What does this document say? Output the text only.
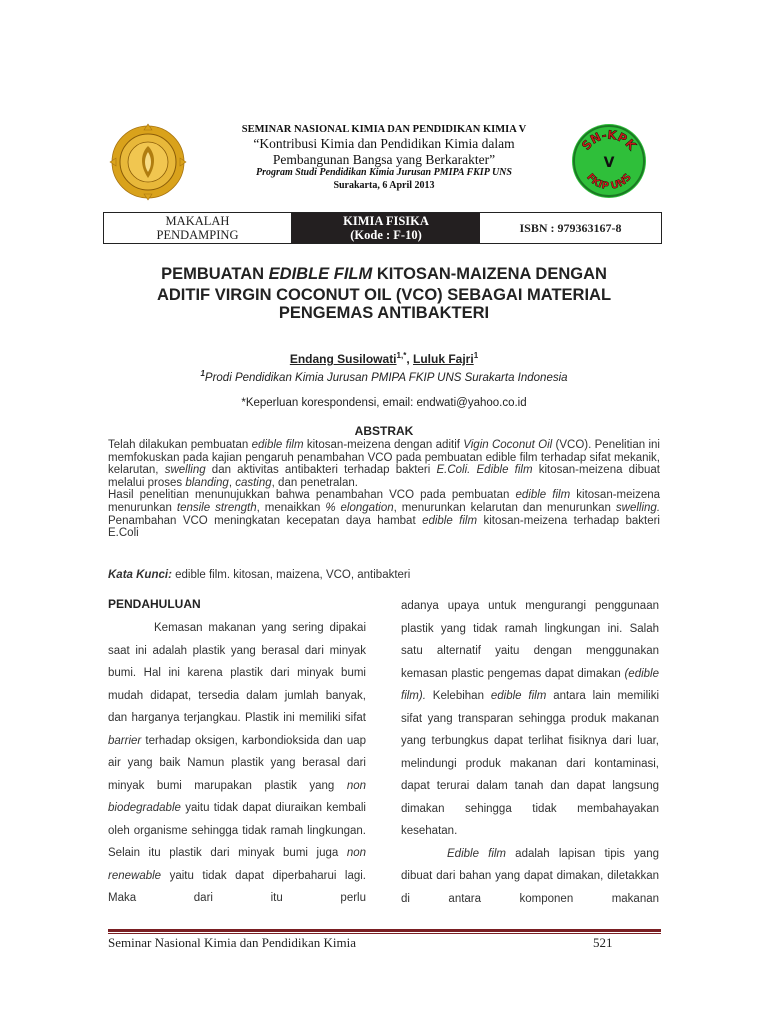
SN-KPK
V
FKIP UNS
SEMINAR NASIONAL KIMIA DAN PENDIDIKAN KIMIA V
“Kontribusi Kimia dan Pendidikan Kimia dalam
Pembangunan Bangsa yang Berkarakter”
Program Studi Pendidikan Kimia Jurusan PMIPA FKIP UNS
Surakarta, 6 April 2013
MAKALAH
PENDAMPING
KIMIA FISIKA
(Kode : F-10)	ISBN : 979363167-8
PEMBUATAN EDIBLE FILM KITOSAN-MAIZENA DENGAN
ADITIF VIRGIN COCONUT OIL (VCO) SEBAGAI MATERIAL
PENGEMAS ANTIBAKTERI
Endang Susilowati$^{1,*}$, Luluk Fajri$^1$
$^1$Prodi Pendidikan Kimia Jurusan PMIPA FKIP UNS Surakarta Indonesia
*Keperluan korespondensi, email: endwati@yahoo.co.id
ABSTRAK

Telah dilakukan pembuatan edible film kitosan-meizena dengan aditif Vigin Coconut Oil (VCO). Penelitian ini memfokuskan pada kajian pengaruh penambahan VCO pada pembuatan edible film terhadap sifat mekanik, kelarutan, swelling dan aktivitas antibakteri terhadap bakteri E.Coli. Edible film kitosan-meizena dibuat melalui proses blanding, casting, dan penetralan.

Hasil penelitian menunujukkan bahwa penambahan VCO pada pembuatan edible film kitosan-meizena menurunkan tensile strength, menaikkan % elongation, menurunkan kelarutan dan menurunkan swelling. Penambahan VCO meningkatan kecepatan daya hambat edible film kitosan-meizena terhadap bakteri E.Coli

Kata Kunci: edible film. kitosan, maizena, VCO, antibakteri
PENDAHULUAN

Kemasan makanan yang sering dipakai saat ini adalah plastik yang berasal dari minyak bumi. Hal ini karena plastik dari minyak bumi mudah didapat, tersedia dalam jumlah banyak, dan harganya terjangkau. Plastik ini memiliki sifat barrier terhadap oksigen, karbondioksida dan uap air yang baik Namun plastik yang berasal dari minyak bumi marupakan plastik yang non biodegradable yaitu tidak dapat diuraikan kembali oleh organisme sehingga tidak ramah lingkungan. Selain itu plastik dari minyak bumi juga non renewable yaitu tidak dapat diperbaharui lagi. Maka dari itu perlu

adanya upaya untuk mengurangi penggunaan plastik yang tidak ramah lingkungan ini. Salah satu alternatif yaitu dengan menggunakan kemasan plastic pengemas dapat dimakan (edible film). Kelebihan edible film antara lain memiliki sifat yang transparan sehingga produk makanan yang terbungkus dapat terlihat fisiknya dari luar, melindungi produk makanan dari kontaminasi, dapat terurai dalam tanah dan dapat langsung dimakan sehingga tidak membahayakan kesehatan.

Edible film adalah lapisan tipis yang dibuat dari bahan yang dapat dimakan, diletakkan di antara komponen makanan

Seminar Nasional Kimia dan Pendidikan Kimia	521
